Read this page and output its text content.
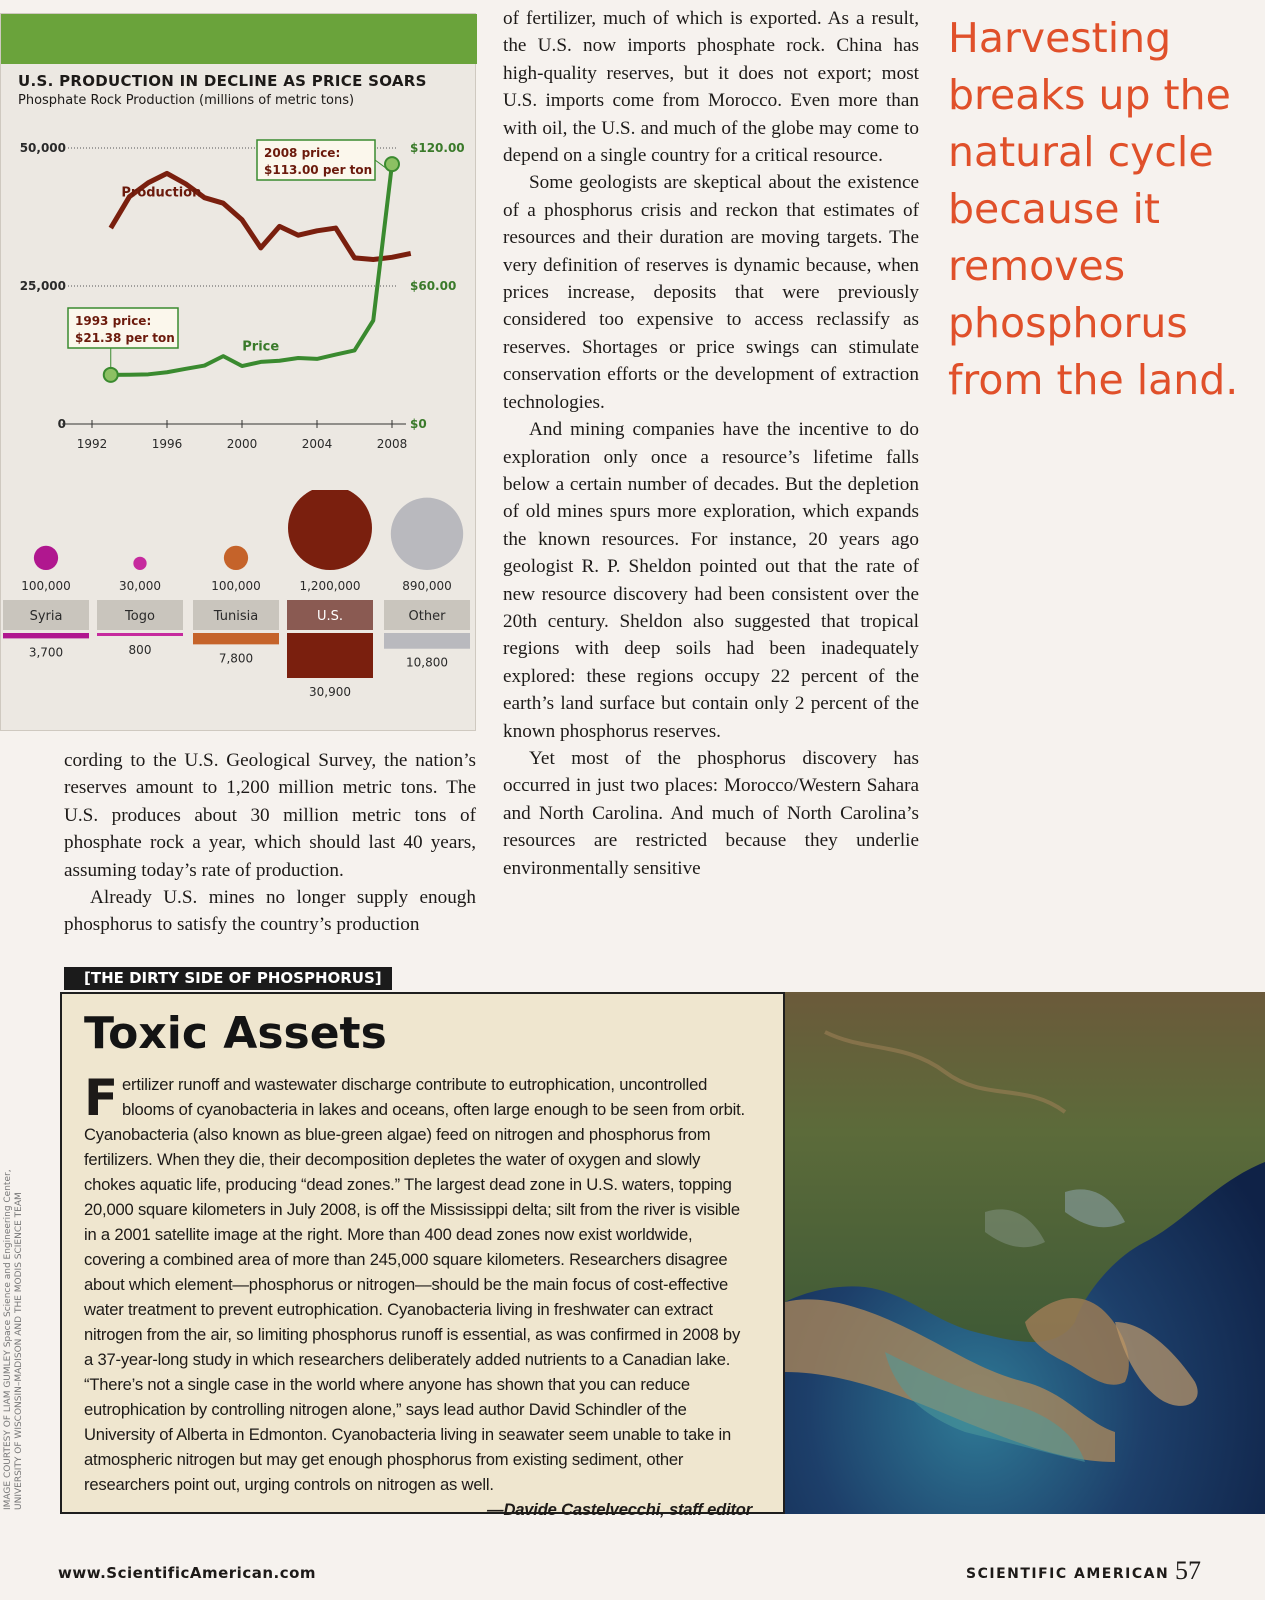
U.S. PRODUCTION IN DECLINE AS PRICE SOARS
Phosphate Rock Production (millions of metric tons)
0
25,000
50,000
$0
$60.00
$120.00
1992	1996	2000	2004	2008
Production
Price
2008 price:
$113.00 per ton
1993 price:
$21.38 per ton
100,000
Syria
3,700
30,000
Togo
800
100,000
Tunisia
7,800
1,200,000
U.S.
30,900
890,000
Other
10,800

cording to the U.S. Geological Survey, the nation’s reserves amount to 1,200 million metric tons. The U.S. produces about 30 million metric tons of phosphate rock a year, which should last 40 years, assuming today’s rate of production.

Already U.S. mines no longer supply enough phosphorus to satisfy the country’s production

of fertilizer, much of which is exported. As a result, the U.S. now imports phosphate rock. China has high-quality reserves, but it does not export; most U.S. imports come from Morocco. Even more than with oil, the U.S. and much of the globe may come to depend on a single country for a critical resource.

Some geologists are skeptical about the existence of a phosphorus crisis and reckon that estimates of resources and their duration are moving targets. The very definition of reserves is dynamic because, when prices increase, deposits that were previously considered too expensive to access reclassify as reserves. Shortages or price swings can stimulate conservation efforts or the development of extraction technologies.

And mining companies have the incentive to do exploration only once a resource’s lifetime falls below a certain number of decades. But the depletion of old mines spurs more exploration, which expands the known resources. For instance, 20 years ago geologist R. P. Sheldon pointed out that the rate of new resource discovery had been consistent over the 20th century. Sheldon also suggested that tropical regions with deep soils had been inadequately explored: these regions occupy 22 percent of the earth’s land surface but contain only 2 percent of the known phosphorus reserves.

Yet most of the phosphorus discovery has occurred in just two places: Morocco/Western Sahara and North Carolina. And much of North Carolina’s resources are restricted because they underlie environmentally sensitive

Harvesting breaks up the natural cycle because it removes phosphorus from the land.
[THE DIRTY SIDE OF PHOSPHORUS]
Toxic Assets
Fertilizer runoff and wastewater discharge contribute to eutrophication, uncontrolled blooms of cyanobacteria in lakes and oceans, often large enough to be seen from orbit. Cyanobacteria (also known as blue-green algae) feed on nitrogen and phosphorus from fertilizers. When they die, their decomposition depletes the water of oxygen and slowly chokes aquatic life, producing “dead zones.” The largest dead zone in U.S. waters, topping 20,000 square kilometers in July 2008, is off the Mississippi delta; silt from the river is visible in a 2001 satellite image at the right. More than 400 dead zones now exist worldwide, covering a combined area of more than 245,000 square kilometers. Researchers disagree about which element—phosphorus or nitrogen—should be the main focus of cost-effective water treatment to prevent eutrophication. Cyanobacteria living in freshwater can extract nitrogen from the air, so limiting phosphorus runoff is essential, as was confirmed in 2008 by a 37-year-long study in which researchers deliberately added nutrients to a Canadian lake. “There’s not a single case in the world where anyone has shown that you can reduce eutrophication by controlling nitrogen alone,” says lead author David Schindler of the University of Alberta in Edmonton. Cyanobacteria living in seawater seem unable to take in atmospheric nitrogen but may get enough phosphorus from existing sediment, other researchers point out, urging controls on nitrogen as well.
—Davide Castelvecchi, staff editor
IMAGE COURTESY OF LIAM GUMLEY Space Science and Engineering Center, UNIVERSITY OF WISCONSIN–MADISON AND THE MODIS SCIENCE TEAM
www.ScientificAmerican.com	SCIENTIFIC AMERICAN 57
